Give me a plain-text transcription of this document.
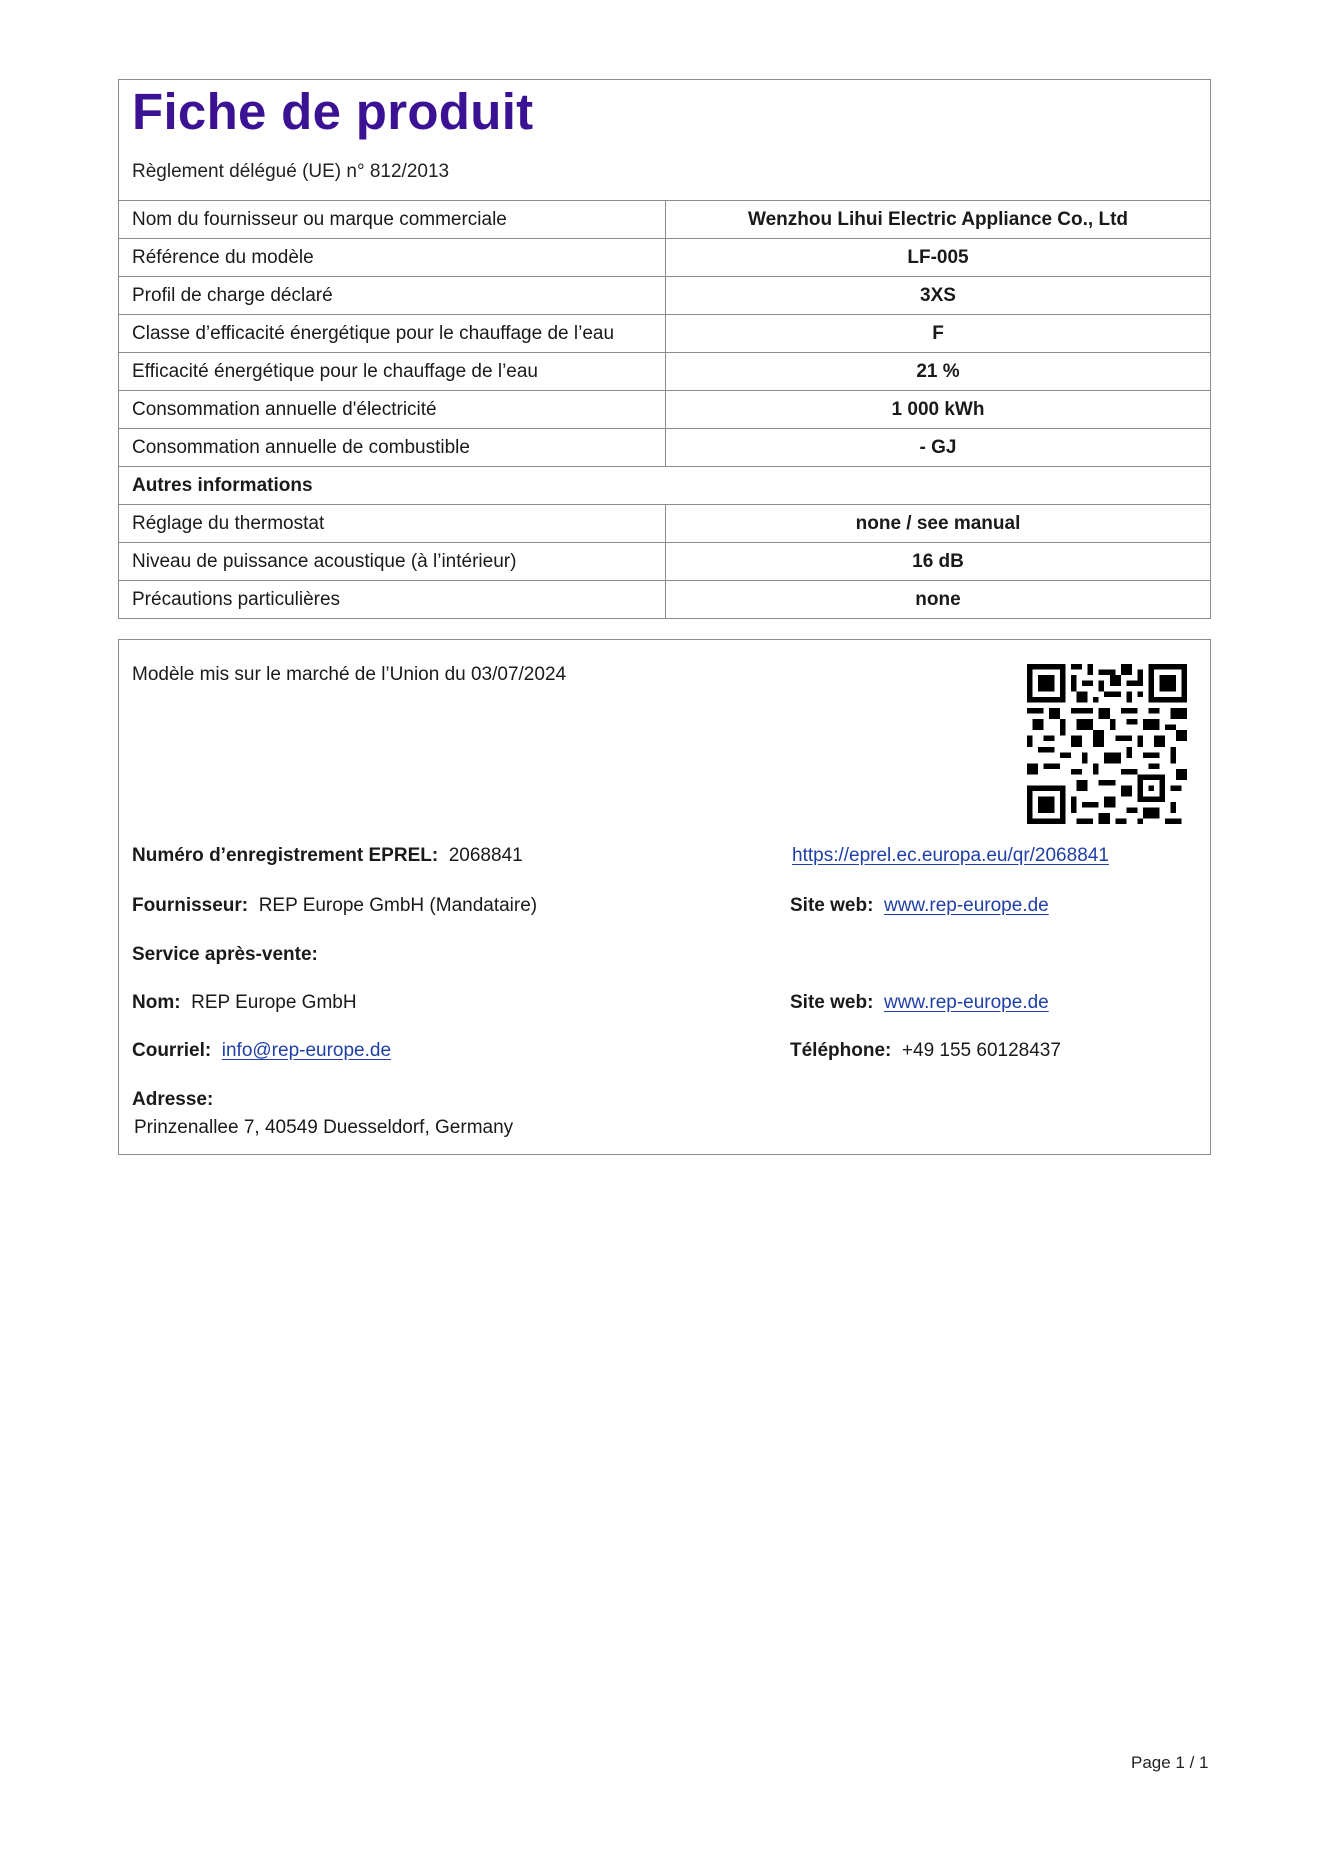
Fiche de produit
Règlement délégué (UE) n° 812/2013
Nom du fournisseur ou marque commerciale	Wenzhou Lihui Electric Appliance Co., Ltd
Référence du modèle	LF-005
Profil de charge déclaré	3XS
Classe d’efficacité énergétique pour le chauffage de l’eau	F
Efficacité énergétique pour le chauffage de l’eau	21 %
Consommation annuelle d'électricité	1 000 kWh
Consommation annuelle de combustible	- GJ
Autres informations	
Réglage du thermostat	none / see manual
Niveau de puissance acoustique (à l’intérieur)	16 dB
Précautions particulières	none
Modèle mis sur le marché de l’Union du 03/07/2024
Numéro d’enregistrement EPREL: 2068841	https://eprel.ec.europa.eu/qr/2068841
Fournisseur: REP Europe GmbH (Mandataire)	Site web: www.rep-europe.de
Service après-vente:
Nom: REP Europe GmbH	Site web: www.rep-europe.de
Courriel: info@rep-europe.de	Téléphone: +49 155 60128437
Adresse:
Prinzenallee 7, 40549 Duesseldorf, Germany
Page 1 / 1
